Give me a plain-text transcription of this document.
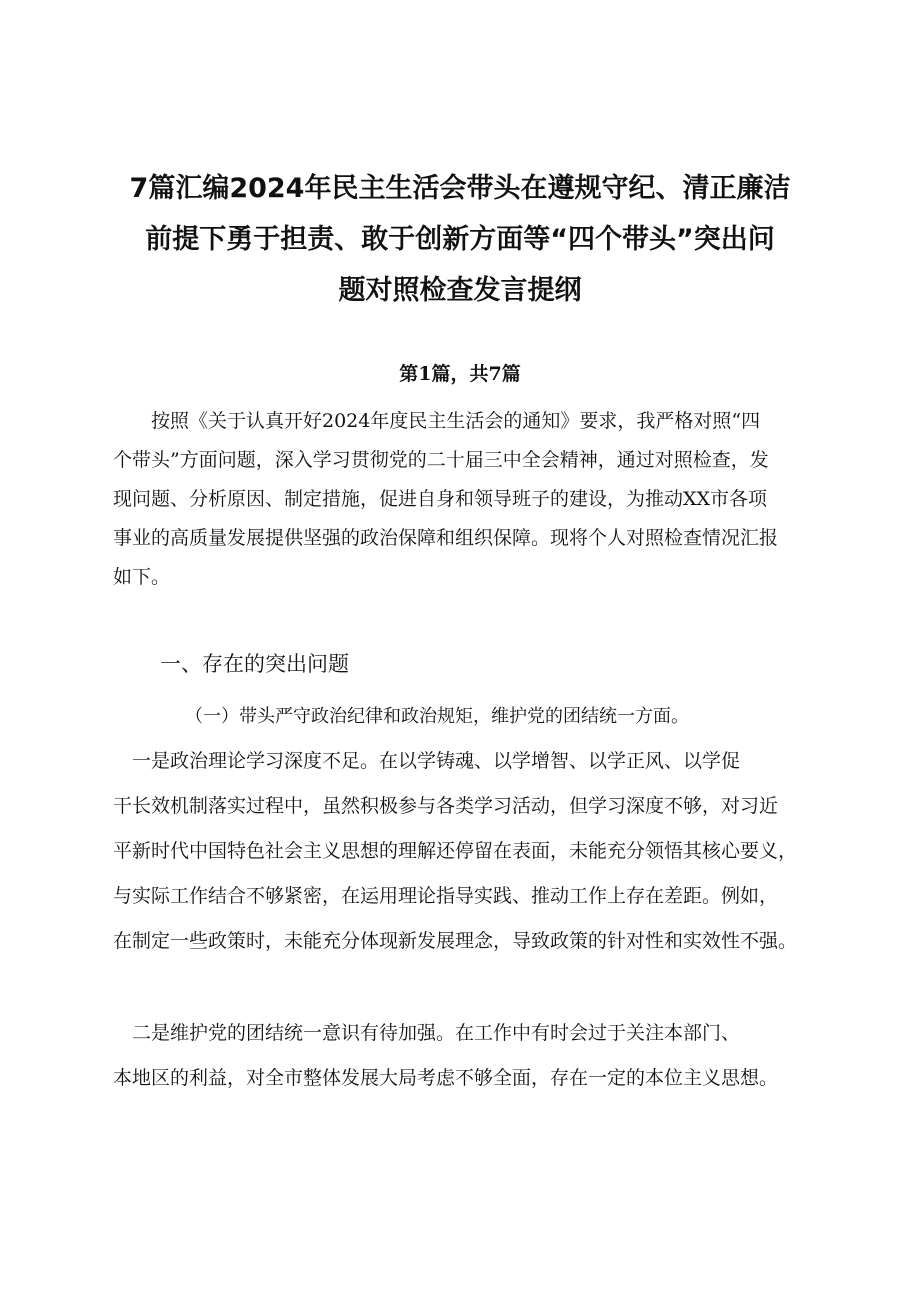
7篇汇编2024年民主生活会带头在遵规守纪、清正廉洁
前提下勇于担责、敢于创新方面等“四个带头”突出问
题对照检查发言提纲
第1篇，共7篇

　　按照《关于认真开好2024年度民主生活会的通知》要求，我严格对照“四
个带头”方面问题，深入学习贯彻党的二十届三中全会精神，通过对照检查，发
现问题、分析原因、制定措施，促进自身和领导班子的建设，为推动XX市各项
事业的高质量发展提供坚强的政治保障和组织保障。现将个人对照检查情况汇报
如下。

一、存在的突出问题
（一）带头严守政治纪律和政治规矩，维护党的团结统一方面。

　一是政治理论学习深度不足。在以学铸魂、以学增智、以学正风、以学促
干长效机制落实过程中，虽然积极参与各类学习活动，但学习深度不够，对习近
平新时代中国特色社会主义思想的理解还停留在表面，未能充分领悟其核心要义，
与实际工作结合不够紧密，在运用理论指导实践、推动工作上存在差距。例如，
在制定一些政策时，未能充分体现新发展理念，导致政策的针对性和实效性不强。

　二是维护党的团结统一意识有待加强。在工作中有时会过于关注本部门、
本地区的利益，对全市整体发展大局考虑不够全面，存在一定的本位主义思想。
